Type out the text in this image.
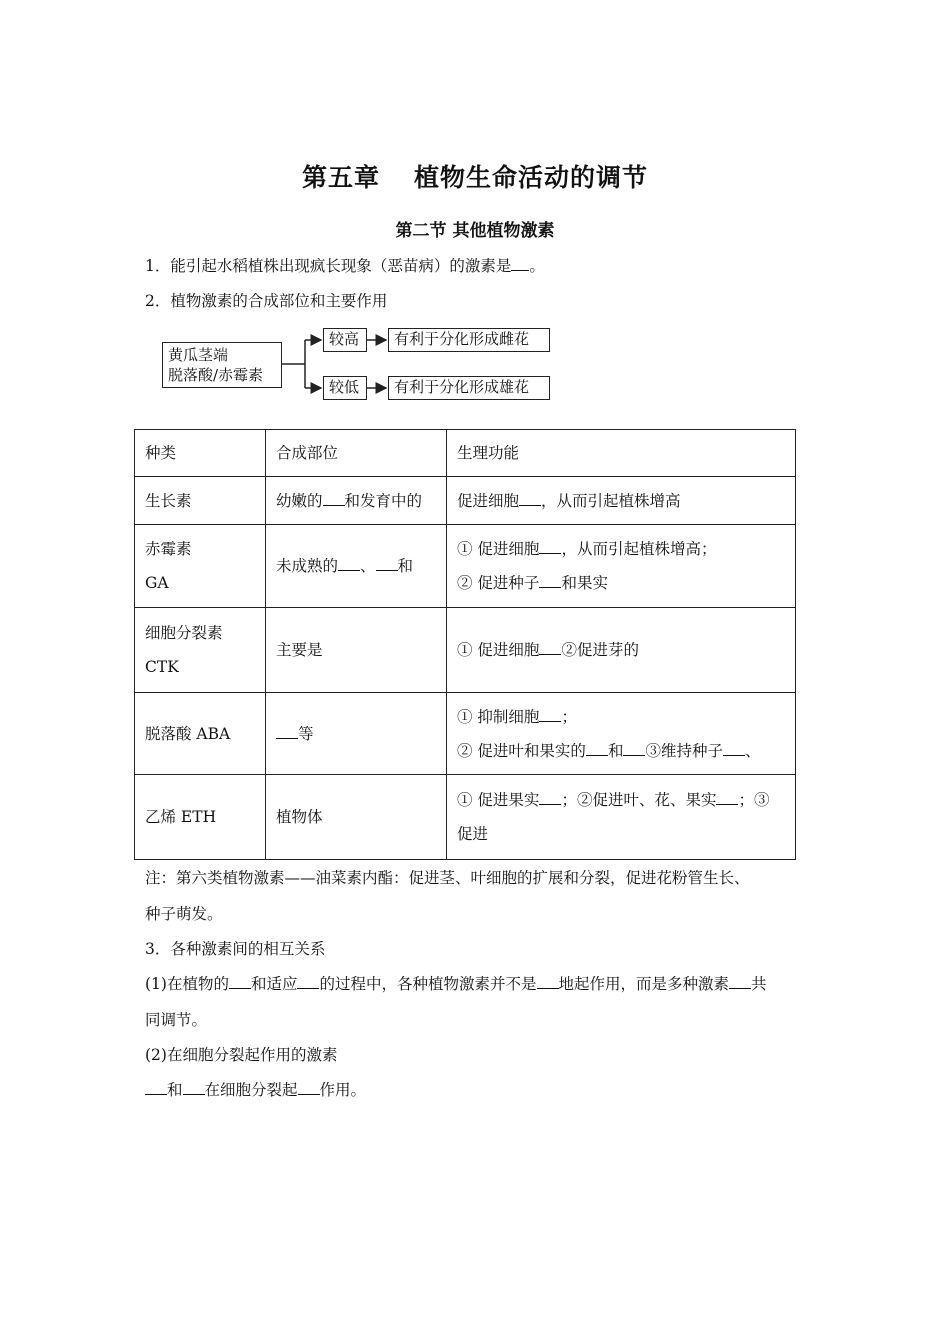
第五章 植物生命活动的调节
第二节 其他植物激素
1．能引起水稻植株出现疯长现象（恶苗病）的激素是 。
2．植物激素的合成部位和主要作用
黄瓜茎端
脱落酸/赤霉素
较高
较低
有利于分化形成雌花
有利于分化形成雄花
种类	合成部位	生理功能
生长素	幼嫩的 和发育中的	促进细胞 ，从而引起植株增高

赤霉素
GA	未成熟的 、 和	① 促进细胞 ，从而引起植株增高；
② 促进种子 和果实

细胞分裂素
CTK	主要是	① 促进细胞 ②促进芽的
脱落酸 ABA	等	① 抑制细胞 ；
② 促进叶和果实的 和 ③维持种子 、

乙烯 ETH	植物体	① 促进果实 ；②促进叶、花、果实 ；③
促进
注：第六类植物激素——油菜素内酯：促进茎、叶细胞的扩展和分裂，促进花粉管生长、
种子萌发。
3．各种激素间的相互关系
(1)在植物的 和适应 的过程中，各种植物激素并不是 地起作用，而是多种激素 共
同调节。
(2)在细胞分裂起作用的激素
和 在细胞分裂起 作用。
